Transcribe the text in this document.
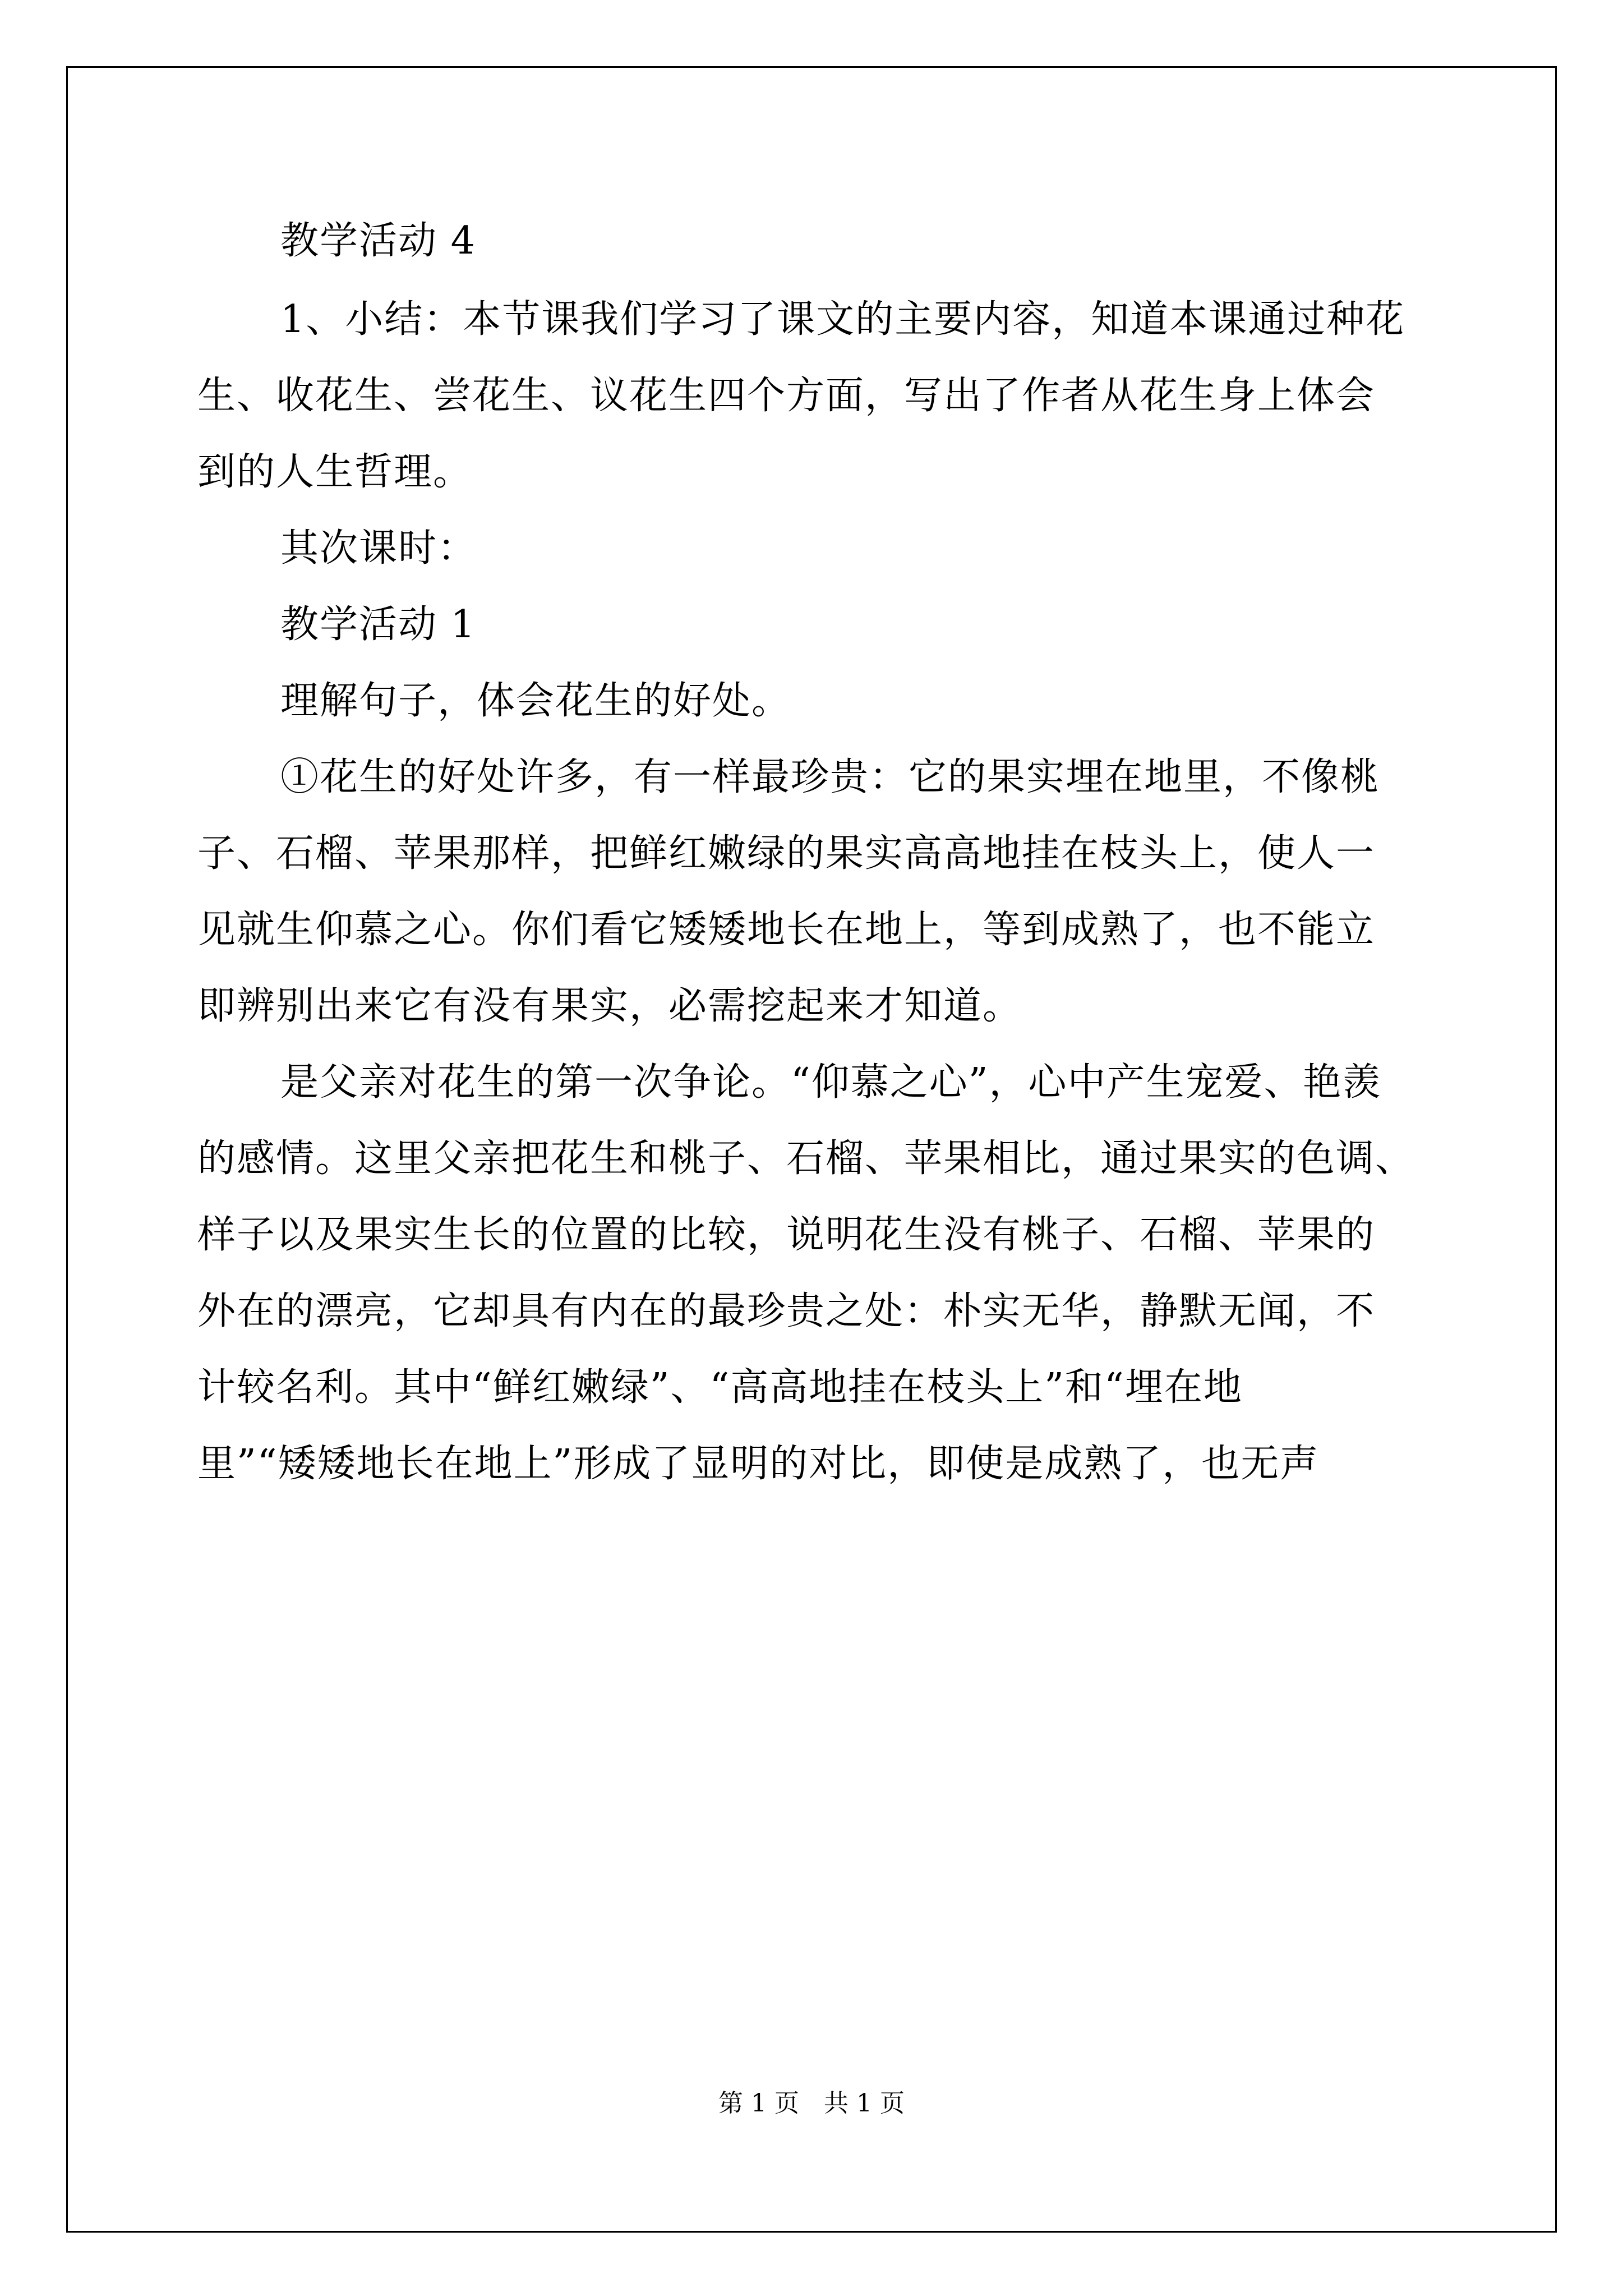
教学活动 4
1、小结：本节课我们学习了课文的主要内容，知道本课通过种花
生、收花生、尝花生、议花生四个方面，写出了作者从花生身上体会
到的人生哲理。
其次课时：
教学活动 1
理解句子，体会花生的好处。
①花生的好处许多，有一样最珍贵：它的果实埋在地里，不像桃
子、石榴、苹果那样，把鲜红嫩绿的果实高高地挂在枝头上，使人一
见就生仰慕之心。你们看它矮矮地长在地上，等到成熟了，也不能立
即辨别出来它有没有果实，必需挖起来才知道。
是父亲对花生的第一次争论。“仰慕之心”，心中产生宠爱、艳羡
的感情。这里父亲把花生和桃子、石榴、苹果相比，通过果实的色调、
样子以及果实生长的位置的比较，说明花生没有桃子、石榴、苹果的
外在的漂亮，它却具有内在的最珍贵之处：朴实无华，静默无闻，不
计较名利。其中“鲜红嫩绿”、“高高地挂在枝头上”和“埋在地
里”“矮矮地长在地上”形成了显明的对比，即使是成熟了，也无声
第 1 页　共 1 页
